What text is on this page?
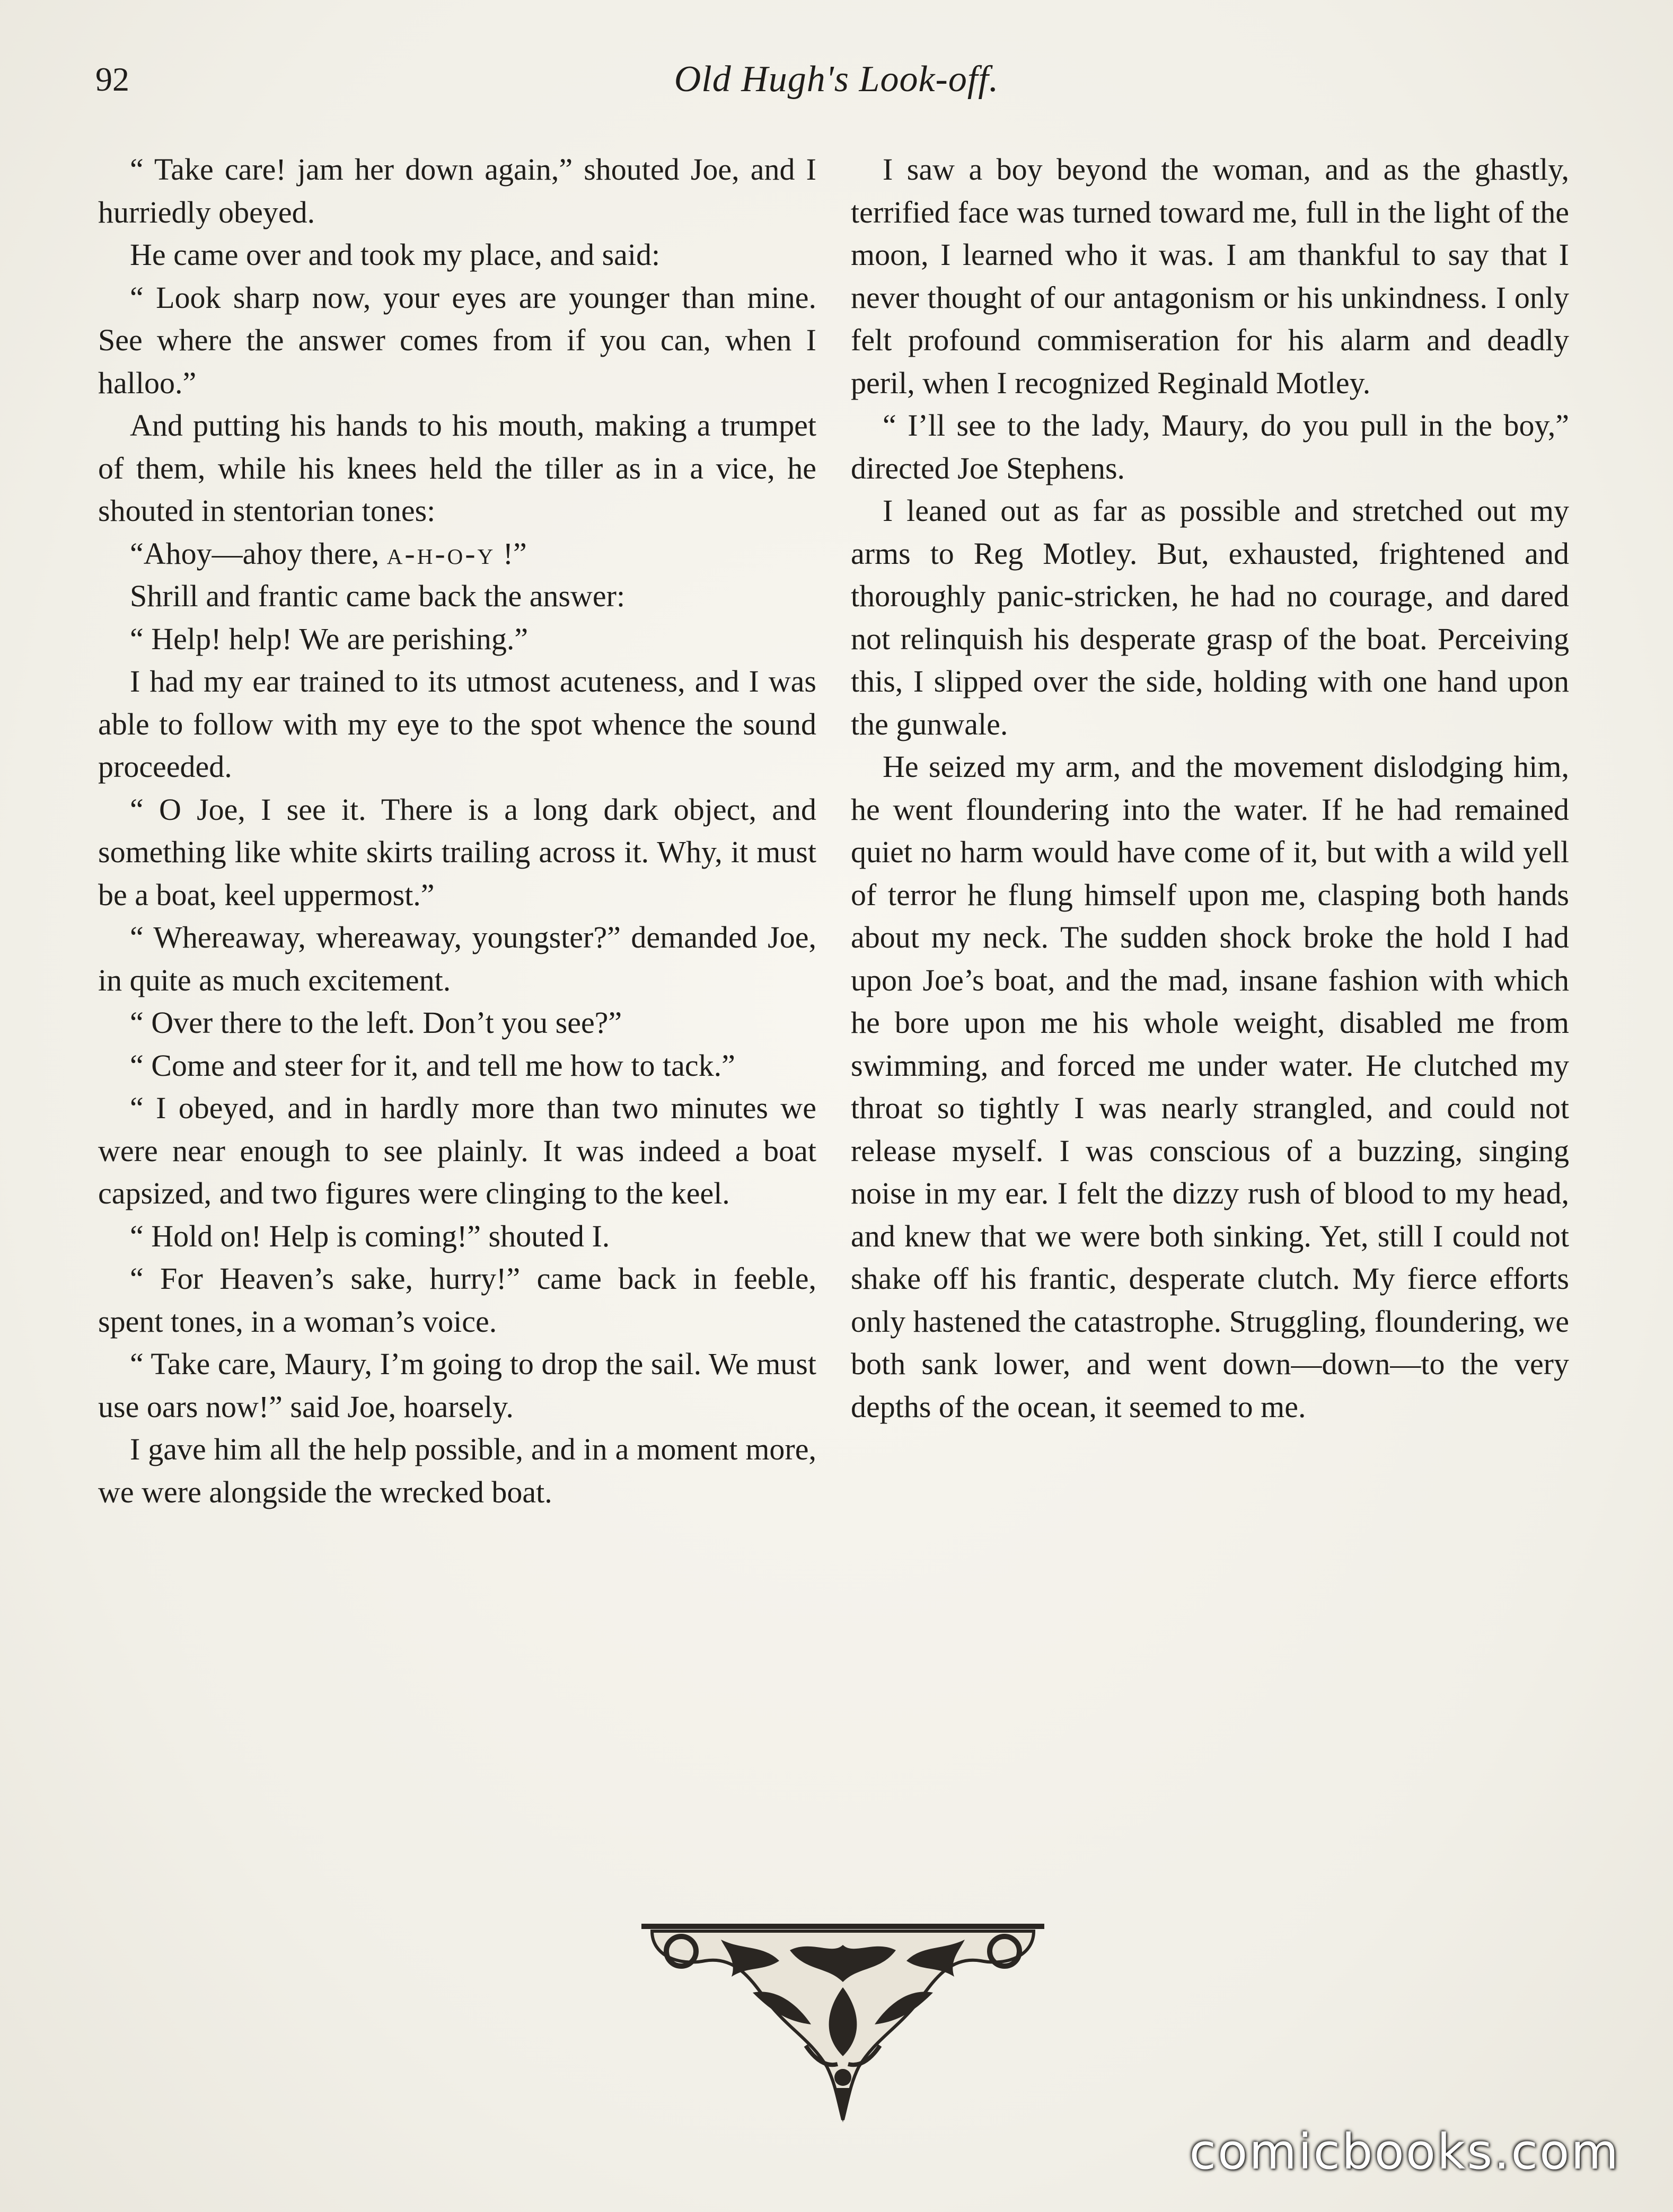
92	Old Hugh's Look-off.

“ Take care! jam her down again,” shouted Joe, and I hurriedly obeyed.

He came over and took my place, and said:

“ Look sharp now, your eyes are younger than mine. See where the answer comes from if you can, when I halloo.”

And putting his hands to his mouth, making a trumpet of them, while his knees held the tiller as in a vice, he shouted in stentorian tones:

“Ahoy—ahoy there, a-h-o-y !”

Shrill and frantic came back the answer:

“ Help! help! We are perishing.”

I had my ear trained to its utmost acuteness, and I was able to follow with my eye to the spot whence the sound proceeded.

“ O Joe, I see it. There is a long dark object, and something like white skirts trailing across it. Why, it must be a boat, keel uppermost.”

“ Whereaway, whereaway, youngster?” demanded Joe, in quite as much excitement.

“ Over there to the left. Don’t you see?”

“ Come and steer for it, and tell me how to tack.”

“ I obeyed, and in hardly more than two minutes we were near enough to see plainly. It was indeed a boat capsized, and two figures were clinging to the keel.

“ Hold on! Help is coming!” shouted I.

“ For Heaven’s sake, hurry!” came back in feeble, spent tones, in a woman’s voice.

“ Take care, Maury, I’m going to drop the sail. We must use oars now!” said Joe, hoarsely.

I gave him all the help possible, and in a moment more, we were alongside the wrecked boat.

I saw a boy beyond the woman, and as the ghastly, terrified face was turned toward me, full in the light of the moon, I learned who it was. I am thankful to say that I never thought of our antagonism or his unkindness. I only felt profound commiseration for his alarm and deadly peril, when I recognized Reginald Motley.

“ I’ll see to the lady, Maury, do you pull in the boy,” directed Joe Stephens.

I leaned out as far as possible and stretched out my arms to Reg Motley. But, exhausted, frightened and thoroughly panic-stricken, he had no courage, and dared not relinquish his desperate grasp of the boat. Perceiving this, I slipped over the side, holding with one hand upon the gunwale.

He seized my arm, and the movement dislodging him, he went floundering into the water. If he had remained quiet no harm would have come of it, but with a wild yell of terror he flung himself upon me, clasping both hands about my neck. The sudden shock broke the hold I had upon Joe’s boat, and the mad, insane fashion with which he bore upon me his whole weight, disabled me from swimming, and forced me under water. He clutched my throat so tightly I was nearly strangled, and could not release myself. I was conscious of a buzzing, singing noise in my ear. I felt the dizzy rush of blood to my head, and knew that we were both sinking. Yet, still I could not shake off his frantic, desperate clutch. My fierce efforts only hastened the catastrophe. Struggling, floundering, we both sank lower, and went down—down—to the very depths of the ocean, it seemed to me.

comicbooks.com
